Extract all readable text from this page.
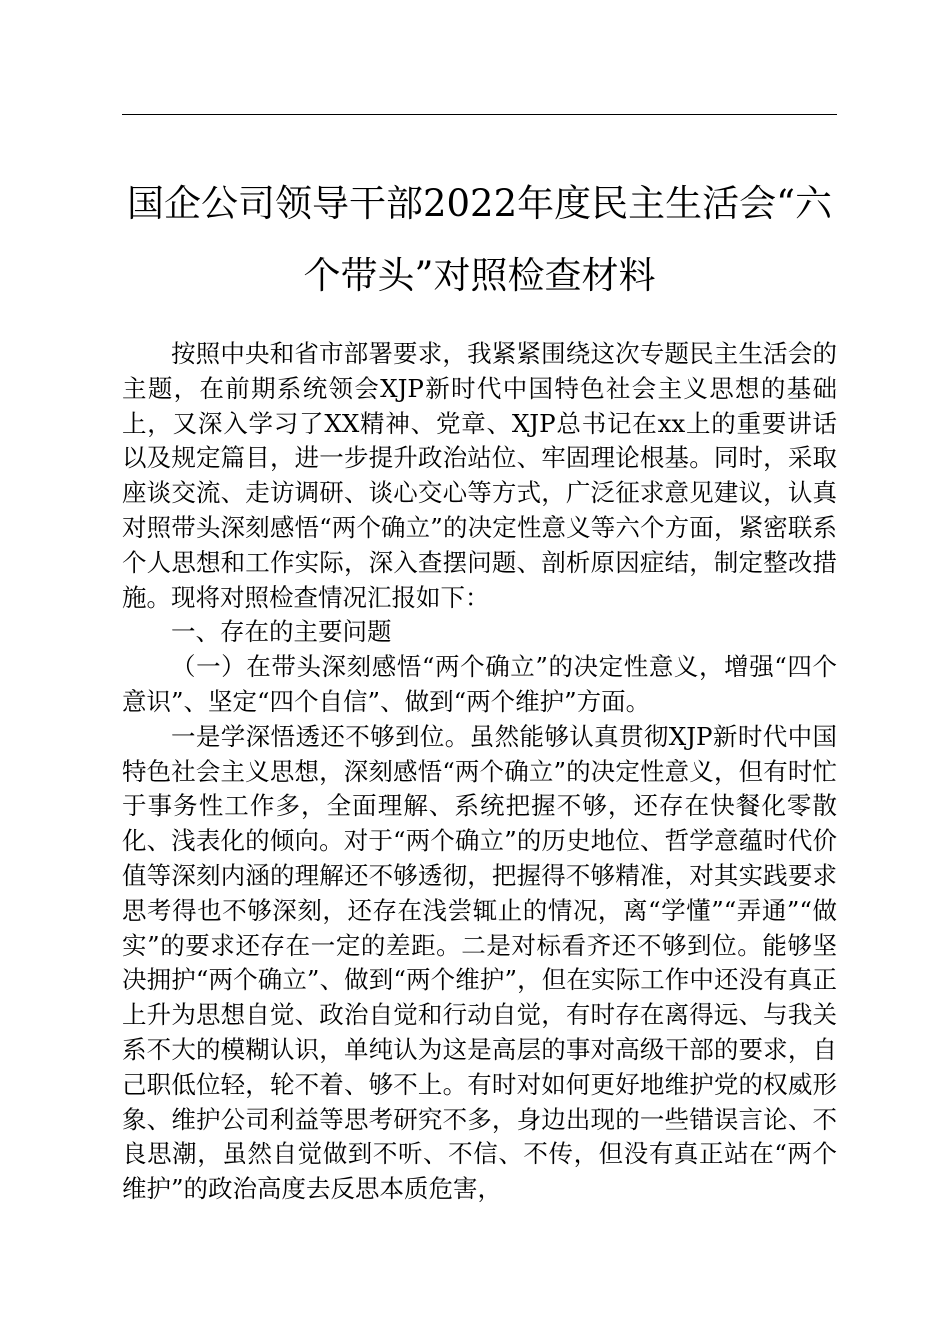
国企公司领导干部2022年度民主生活会“六个带头”对照检查材料

按照中央和省市部署要求，我紧紧围绕这次专题民主生活会的主题，在前期系统领会XJP新时代中国特色社会主义思想的基础上，又深入学习了XX精神、党章、XJP总书记在xx上的重要讲话以及规定篇目，进一步提升政治站位、牢固理论根基。同时，采取座谈交流、走访调研、谈心交心等方式，广泛征求意见建议，认真对照带头深刻感悟“两个确立”的决定性意义等六个方面，紧密联系个人思想和工作实际，深入查摆问题、剖析原因症结，制定整改措施。现将对照检查情况汇报如下：

一、存在的主要问题

（一）在带头深刻感悟“两个确立”的决定性意义，增强“四个意识”、坚定“四个自信”、做到“两个维护”方面。

一是学深悟透还不够到位。虽然能够认真贯彻XJP新时代中国特色社会主义思想，深刻感悟“两个确立”的决定性意义，但有时忙于事务性工作多，全面理解、系统把握不够，还存在快餐化零散化、浅表化的倾向。对于“两个确立”的历史地位、哲学意蕴时代价值等深刻内涵的理解还不够透彻，把握得不够精准，对其实践要求思考得也不够深刻，还存在浅尝辄止的情况，离“学懂”“弄通”“做实”的要求还存在一定的差距。二是对标看齐还不够到位。能够坚决拥护“两个确立”、做到“两个维护”，但在实际工作中还没有真正上升为思想自觉、政治自觉和行动自觉，有时存在离得远、与我关系不大的模糊认识，单纯认为这是高层的事对高级干部的要求，自己职低位轻，轮不着、够不上。有时对如何更好地维护党的权威形象、维护公司利益等思考研究不多，身边出现的一些错误言论、不良思潮，虽然自觉做到不听、不信、不传，但没有真正站在“两个维护”的政治高度去反思本质危害，
